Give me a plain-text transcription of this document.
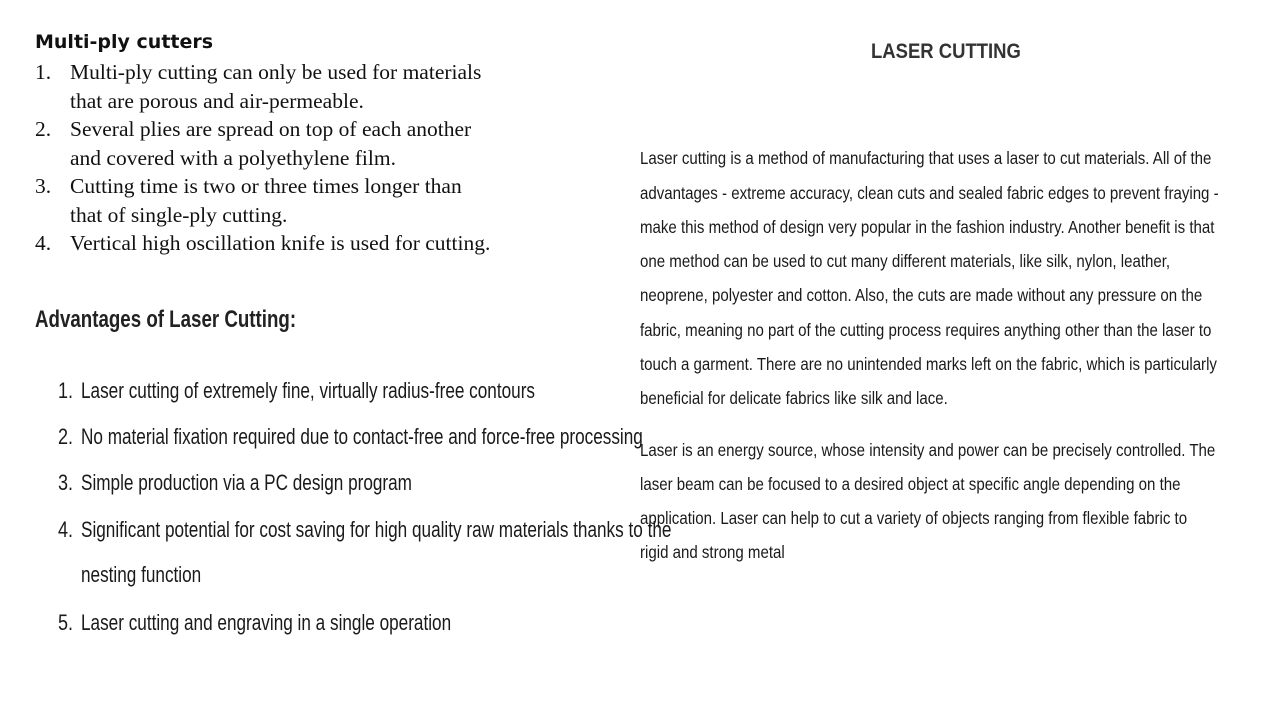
Multi-ply cutters
1. Multi-ply cutting can only be used for materials
that are porous and air-permeable.
2. Several plies are spread on top of each another
and covered with a polyethylene film.
3. Cutting time is two or three times longer than
that of single-ply cutting.
4. Vertical high oscillation knife is used for cutting.
Advantages of Laser Cutting:
1. Laser cutting of extremely fine, virtually radius-free contours
2. No material fixation required due to contact-free and force-free processing
3. Simple production via a PC design program
4. Significant potential for cost saving for high quality raw materials thanks to the
nesting function
5. Laser cutting and engraving in a single operation
LASER CUTTING
Laser cutting is a method of manufacturing that uses a laser to cut materials. All of the
advantages - extreme accuracy, clean cuts and sealed fabric edges to prevent fraying -
make this method of design very popular in the fashion industry. Another benefit is that
one method can be used to cut many different materials, like silk, nylon, leather,
neoprene, polyester and cotton. Also, the cuts are made without any pressure on the
fabric, meaning no part of the cutting process requires anything other than the laser to
touch a garment. There are no unintended marks left on the fabric, which is particularly
beneficial for delicate fabrics like silk and lace.
Laser is an energy source, whose intensity and power can be precisely controlled. The
laser beam can be focused to a desired object at specific angle depending on the
application. Laser can help to cut a variety of objects ranging from flexible fabric to
rigid and strong metal
